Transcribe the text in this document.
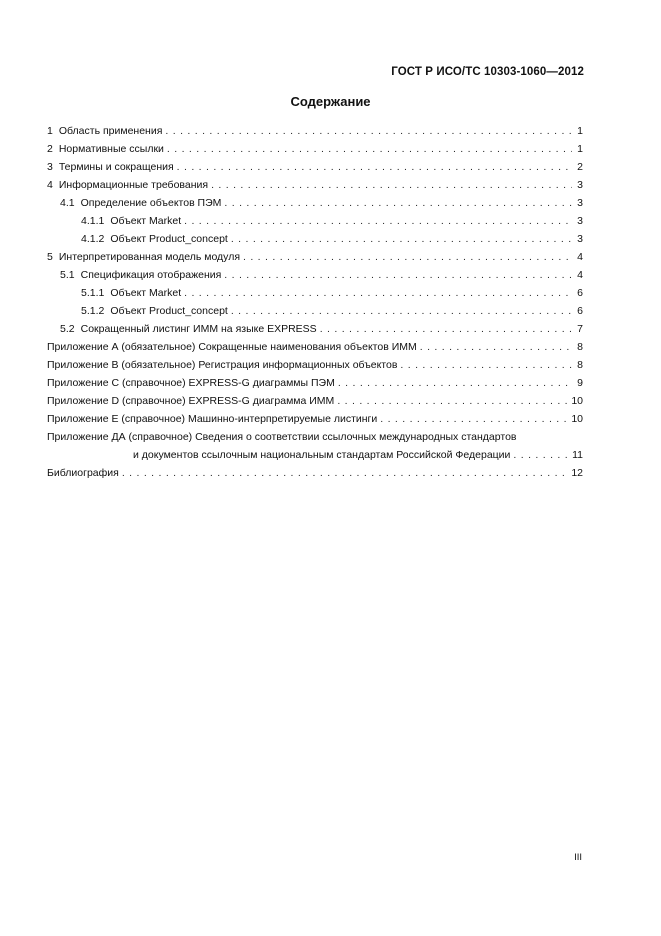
ГОСТ Р ИСО/ТС 10303-1060—2012
Содержание
1 Область применения . . .	1
2 Нормативные ссылки . . .	1
3 Термины и сокращения . . .	2
4 Информационные требования . . .	3
4.1 Определение объектов ПЭМ . . .	3
4.1.1 Объект Market . . .	3
4.1.2 Объект Product_concept . . .	3
5 Интерпретированная модель модуля . . .	4
5.1 Спецификация отображения . . .	4
5.1.1 Объект Market . . .	6
5.1.2 Объект Product_concept . . .	6
5.2 Сокращенный листинг ИММ на языке EXPRESS . . .	7
Приложение А (обязательное) Сокращенные наименования объектов ИММ . . .	8
Приложение В (обязательное) Регистрация информационных объектов . . .	8
Приложение С (справочное) EXPRESS-G диаграммы ПЭМ . . .	9
Приложение D (справочное) EXPRESS-G диаграмма ИММ . . .	10
Приложение Е (справочное) Машинно-интерпретируемые листинги . . .	10
Приложение ДА (справочное) Сведения о соответствии ссылочных международных стандартов
и документов ссылочным национальным стандартам Российской Федерации . . .	11
Библиография . . .	12
III
